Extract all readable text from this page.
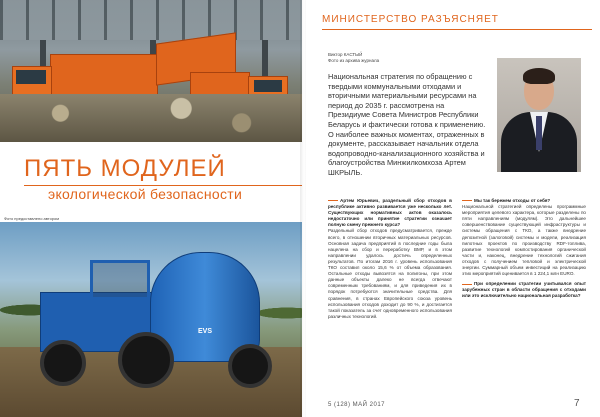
ПЯТЬ МОДУЛЕЙ
экологической безопасности
Фото предоставлено автором
EVS
МИНИСТЕРСТВО РАЗЪЯСНЯЕТ
Виктор КАСТЫЙ
Фото из архива журнала
Национальная стратегия по обращению с твердыми коммунальными отходами и вторичными материальными ресурсами на период до 2035 г. рассмотрена на Президиуме Совета Министров Республики Беларусь и фактически готова к применению. О наиболее важных моментах, отраженных в документе, рассказывает начальник отдела водопроводно-канализационного хозяйства и благоустройства Минжилкомхоза Артем ШКРЫЛЬ.

Артем Юрьевич, раздельный сбор отходов в республике активно развивается уже несколько лет. Существующих нормативных актов оказалось недостаточно или принятие стратегии означает полную смену прежнего курса?

Раздельный сбор отходов предусматривается, прежде всего, в отношении вторичных материальных ресурсов. Основная задача предприятий в последние годы была нацелена на сбор и переработку ВМР, и в этом направлении удалось достичь определенных результатов. По итогам 2016 г. уровень использования ТКО составил около 15,6 % от объема образования. Остальные отходы вывозятся на полигоны, при этом данные объекты далеко не всегда отвечают современным требованиям, и для приведения их в порядок потребуются значительные средства. Для сравнения, в странах Европейского союза уровень использования отходов доходит до 90 %, и достигается такой показатель за счет одновременного использования различных технологий.

Мы так бережем отходы от себя?

Национальной стратегией определены программные мероприятия целевого характера, которые разделены по пяти направлениям (модулям). Это дальнейшее совершенствование существующей инфраструктуры и системы обращения с ТКО, а также внедрение депозитной (залоговой) системы и модели, реализация пилотных проектов по производству RDF-топлива, развитие технологий компостирования органической части и, наконец, внедрение технологий сжигания отходов с получением тепловой и электрической энергии. Суммарный объем инвестиций на реализацию этих мероприятий оценивается в 1 224,1 млн EURO.

При определении стратегии учитывался опыт зарубежных стран в области обращения с отходами или это исключительно национальная разработка?

5 (128) МАЙ 2017	7
